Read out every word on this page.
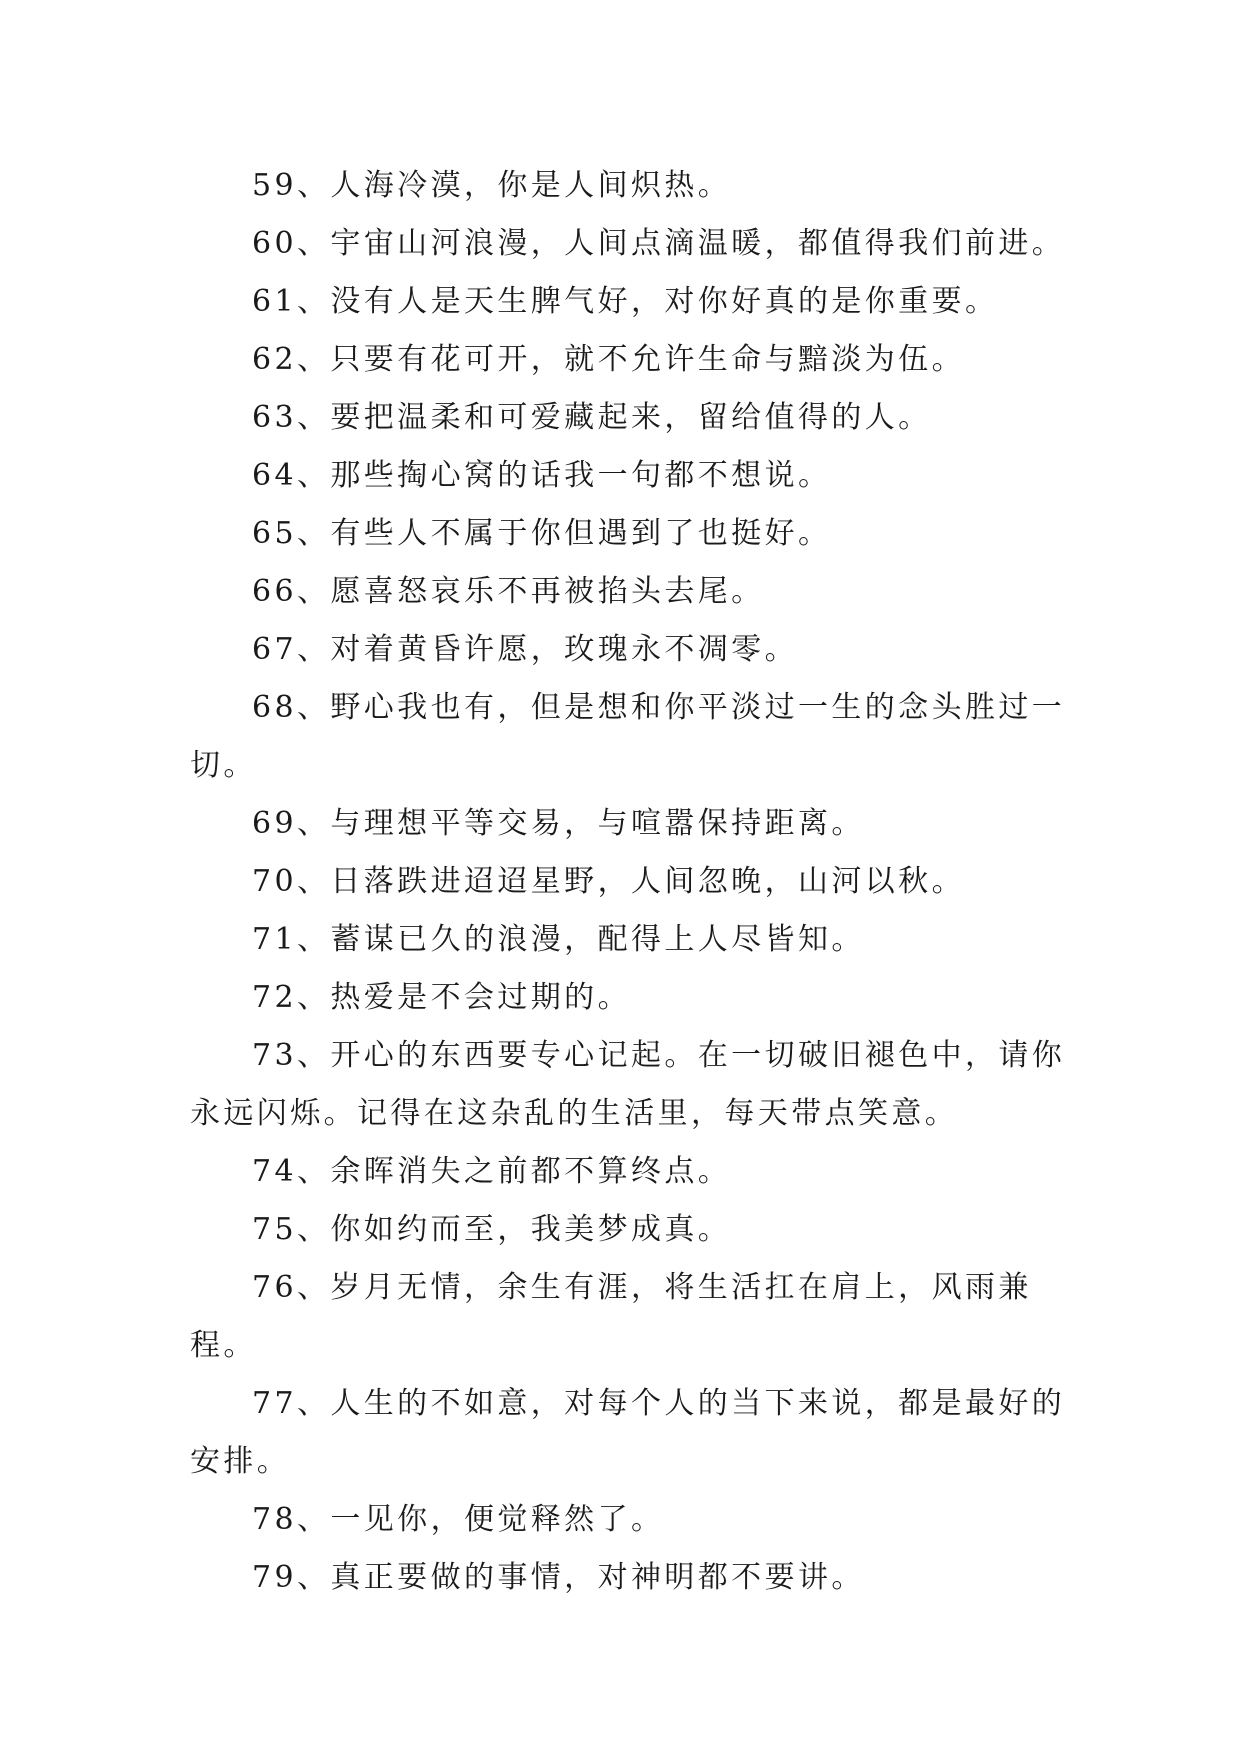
59、人海冷漠，你是人间炽热。

60、宇宙山河浪漫，人间点滴温暖，都值得我们前进。

61、没有人是天生脾气好，对你好真的是你重要。

62、只要有花可开，就不允许生命与黯淡为伍。

63、要把温柔和可爱藏起来，留给值得的人。

64、那些掏心窝的话我一句都不想说。

65、有些人不属于你但遇到了也挺好。

66、愿喜怒哀乐不再被掐头去尾。

67、对着黄昏许愿，玫瑰永不凋零。

68、野心我也有，但是想和你平淡过一生的念头胜过一切。

69、与理想平等交易，与喧嚣保持距离。

70、日落跌进迢迢星野，人间忽晚，山河以秋。

71、蓄谋已久的浪漫，配得上人尽皆知。

72、热爱是不会过期的。

73、开心的东西要专心记起。在一切破旧褪色中，请你永远闪烁。记得在这杂乱的生活里，每天带点笑意。

74、余晖消失之前都不算终点。

75、你如约而至，我美梦成真。

76、岁月无情，余生有涯，将生活扛在肩上，风雨兼程。

77、人生的不如意，对每个人的当下来说，都是最好的安排。

78、一见你，便觉释然了。

79、真正要做的事情，对神明都不要讲。
